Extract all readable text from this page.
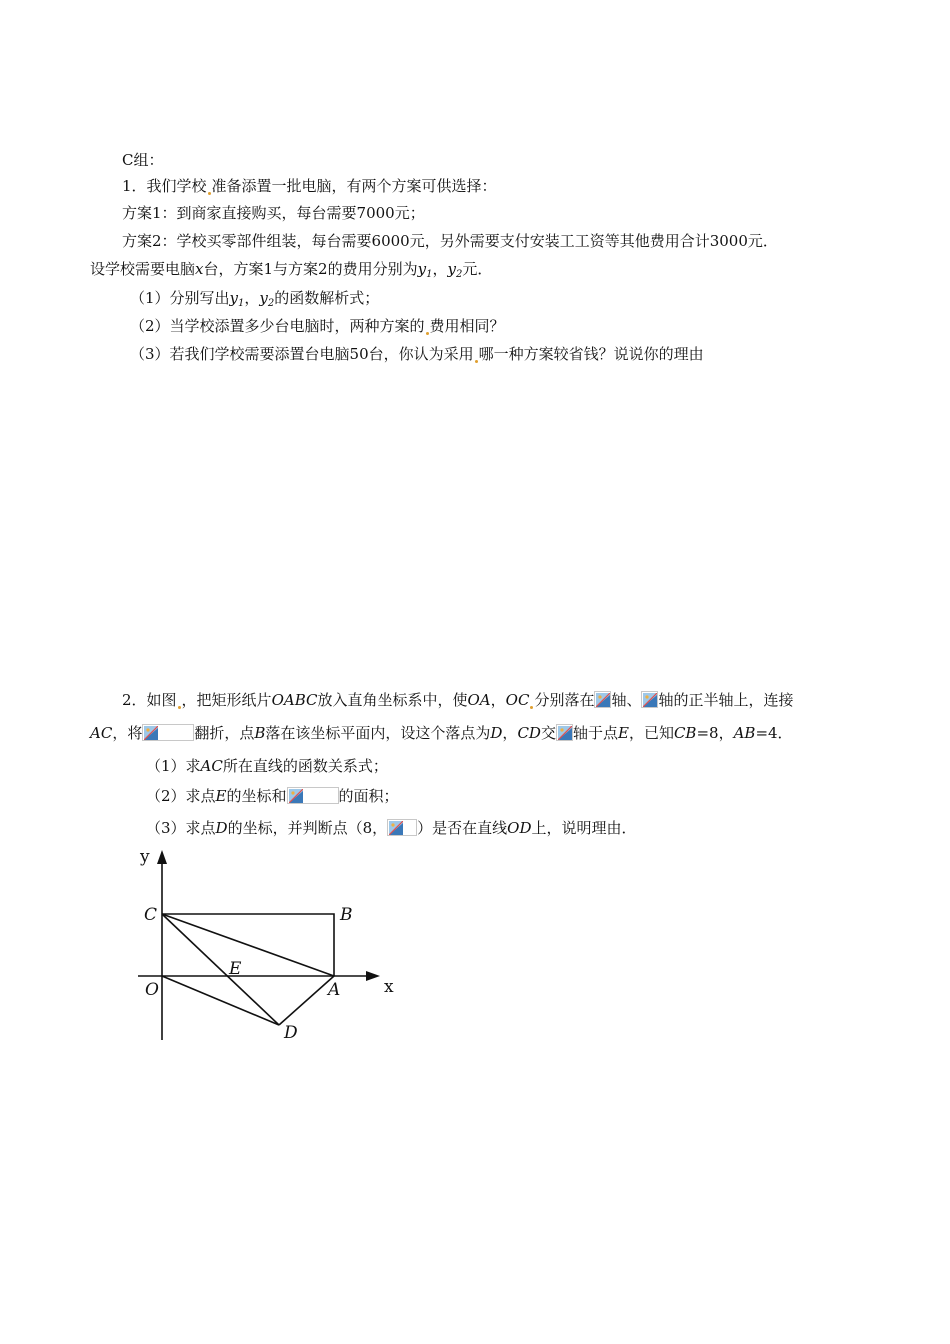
C组：
1．我们学校 准备添置一批电脑，有两个方案可供选择：
方案1：到商家直接购买，每台需要7000元；
方案2：学校买零部件组装，每台需要6000元，另外需要支付安装工工资等其他费用合计3000元．
设学校需要电脑x台，方案1与方案2的费用分别为$y_1$，$y_2$元．
（1）分别写出$y_1$，$y_2$的函数解析式；
（2）当学校添置多少台电脑时，两种方案的 费用相同？
（3）若我们学校需要添置台电脑50台，你认为采用 哪一种方案较省钱？说说你的理由
2．如图 ，把矩形纸片OABC放入直角坐标系中，使OA，OC 分别落在 轴、 轴的正半轴上，连接
AC，将	翻折，点B落在该坐标平面内，设这个落点为D，CD交 轴于点E，已知CB=8，AB=4．
（1）求AC所在直线的函数关系式；
（2）求点E的坐标和	的面积；
（3）求点D的坐标，并判断点（8， ）是否在直线OD上，说明理由．
y
x
C	B
E
O	A
D
